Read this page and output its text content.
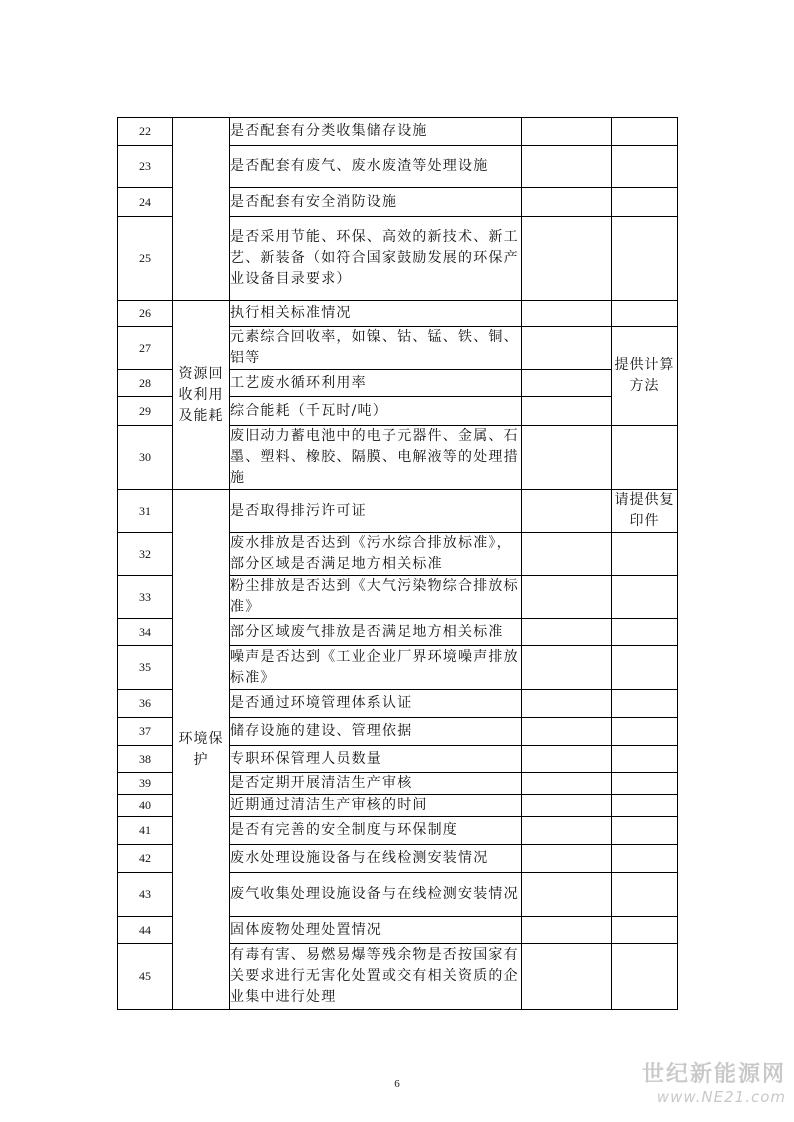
22		是否配套有分类收集储存设施		
23		是否配套有废气、废水废渣等处理设施		
24		是否配套有安全消防设施		
25		是否采用节能、环保、高效的新技术、新工艺、新装备（如符合国家鼓励发展的环保产业设备目录要求）		
26	资源回收利用及能耗	执行相关标准情况		
27		元素综合回收率，如镍、钴、锰、铁、铜、铝等		提供计算方法
28		工艺废水循环利用率		
29		综合能耗（千瓦时/吨）		
30		废旧动力蓄电池中的电子元器件、金属、石墨、塑料、橡胶、隔膜、电解液等的处理措施		
31	环境保护	是否取得排污许可证		请提供复印件
32		废水排放是否达到《污水综合排放标准》，部分区域是否满足地方相关标准		
33		粉尘排放是否达到《大气污染物综合排放标准》		
34		部分区域废气排放是否满足地方相关标准		
35		噪声是否达到《工业企业厂界环境噪声排放标准》		
36		是否通过环境管理体系认证		
37		储存设施的建设、管理依据		
38		专职环保管理人员数量		
39		是否定期开展清洁生产审核		
40		近期通过清洁生产审核的时间		
41		是否有完善的安全制度与环保制度		
42		废水处理设施设备与在线检测安装情况		
43		废气收集处理设施设备与在线检测安装情况		
44		固体废物处理处置情况		
45		有毒有害、易燃易爆等残余物是否按国家有关要求进行无害化处置或交有相关资质的企业集中进行处理		
6	世纪新能源网
www.NE21.com
